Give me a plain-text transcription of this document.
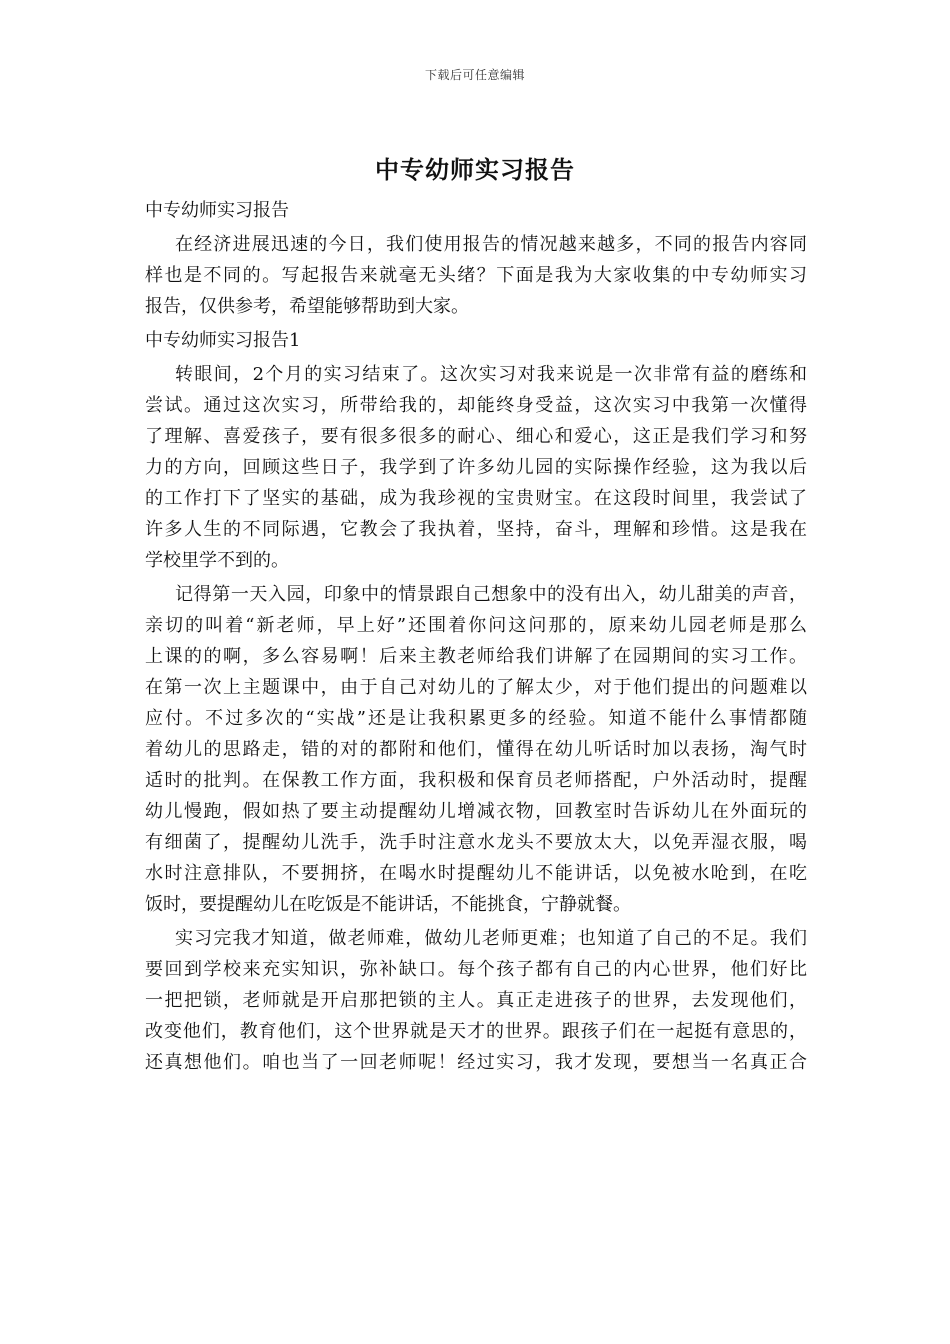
下载后可任意编辑
中专幼师实习报告

中专幼师实习报告

在经济进展迅速的今日，我们使用报告的情况越来越多，不同的报告内容同

样也是不同的。写起报告来就毫无头绪？下面是我为大家收集的中专幼师实习

报告，仅供参考，希望能够帮助到大家。

中专幼师实习报告1

转眼间，2个月的实习结束了。这次实习对我来说是一次非常有益的磨练和

尝试。通过这次实习，所带给我的，却能终身受益，这次实习中我第一次懂得

了理解、喜爱孩子，要有很多很多的耐心、细心和爱心，这正是我们学习和努

力的方向，回顾这些日子，我学到了许多幼儿园的实际操作经验，这为我以后

的工作打下了坚实的基础，成为我珍视的宝贵财宝。在这段时间里，我尝试了

许多人生的不同际遇，它教会了我执着，坚持，奋斗，理解和珍惜。这是我在

学校里学不到的。

记得第一天入园，印象中的情景跟自己想象中的没有出入，幼儿甜美的声音，

亲切的叫着“新老师，早上好”还围着你问这问那的，原来幼儿园老师是那么

上课的的啊，多么容易啊！后来主教老师给我们讲解了在园期间的实习工作。

在第一次上主题课中，由于自己对幼儿的了解太少，对于他们提出的问题难以

应付。不过多次的“实战”还是让我积累更多的经验。知道不能什么事情都随

着幼儿的思路走，错的对的都附和他们，懂得在幼儿听话时加以表扬，淘气时

适时的批判。在保教工作方面，我积极和保育员老师搭配，户外活动时，提醒

幼儿慢跑，假如热了要主动提醒幼儿增减衣物，回教室时告诉幼儿在外面玩的

有细菌了，提醒幼儿洗手，洗手时注意水龙头不要放太大，以免弄湿衣服，喝

水时注意排队，不要拥挤，在喝水时提醒幼儿不能讲话，以免被水呛到，在吃

饭时，要提醒幼儿在吃饭是不能讲话，不能挑食，宁静就餐。

实习完我才知道，做老师难，做幼儿老师更难；也知道了自己的不足。我们

要回到学校来充实知识，弥补缺口。每个孩子都有自己的内心世界，他们好比

一把把锁，老师就是开启那把锁的主人。真正走进孩子的世界，去发现他们，

改变他们，教育他们，这个世界就是天才的世界。跟孩子们在一起挺有意思的，

还真想他们。咱也当了一回老师呢！经过实习，我才发现，要想当一名真正合
